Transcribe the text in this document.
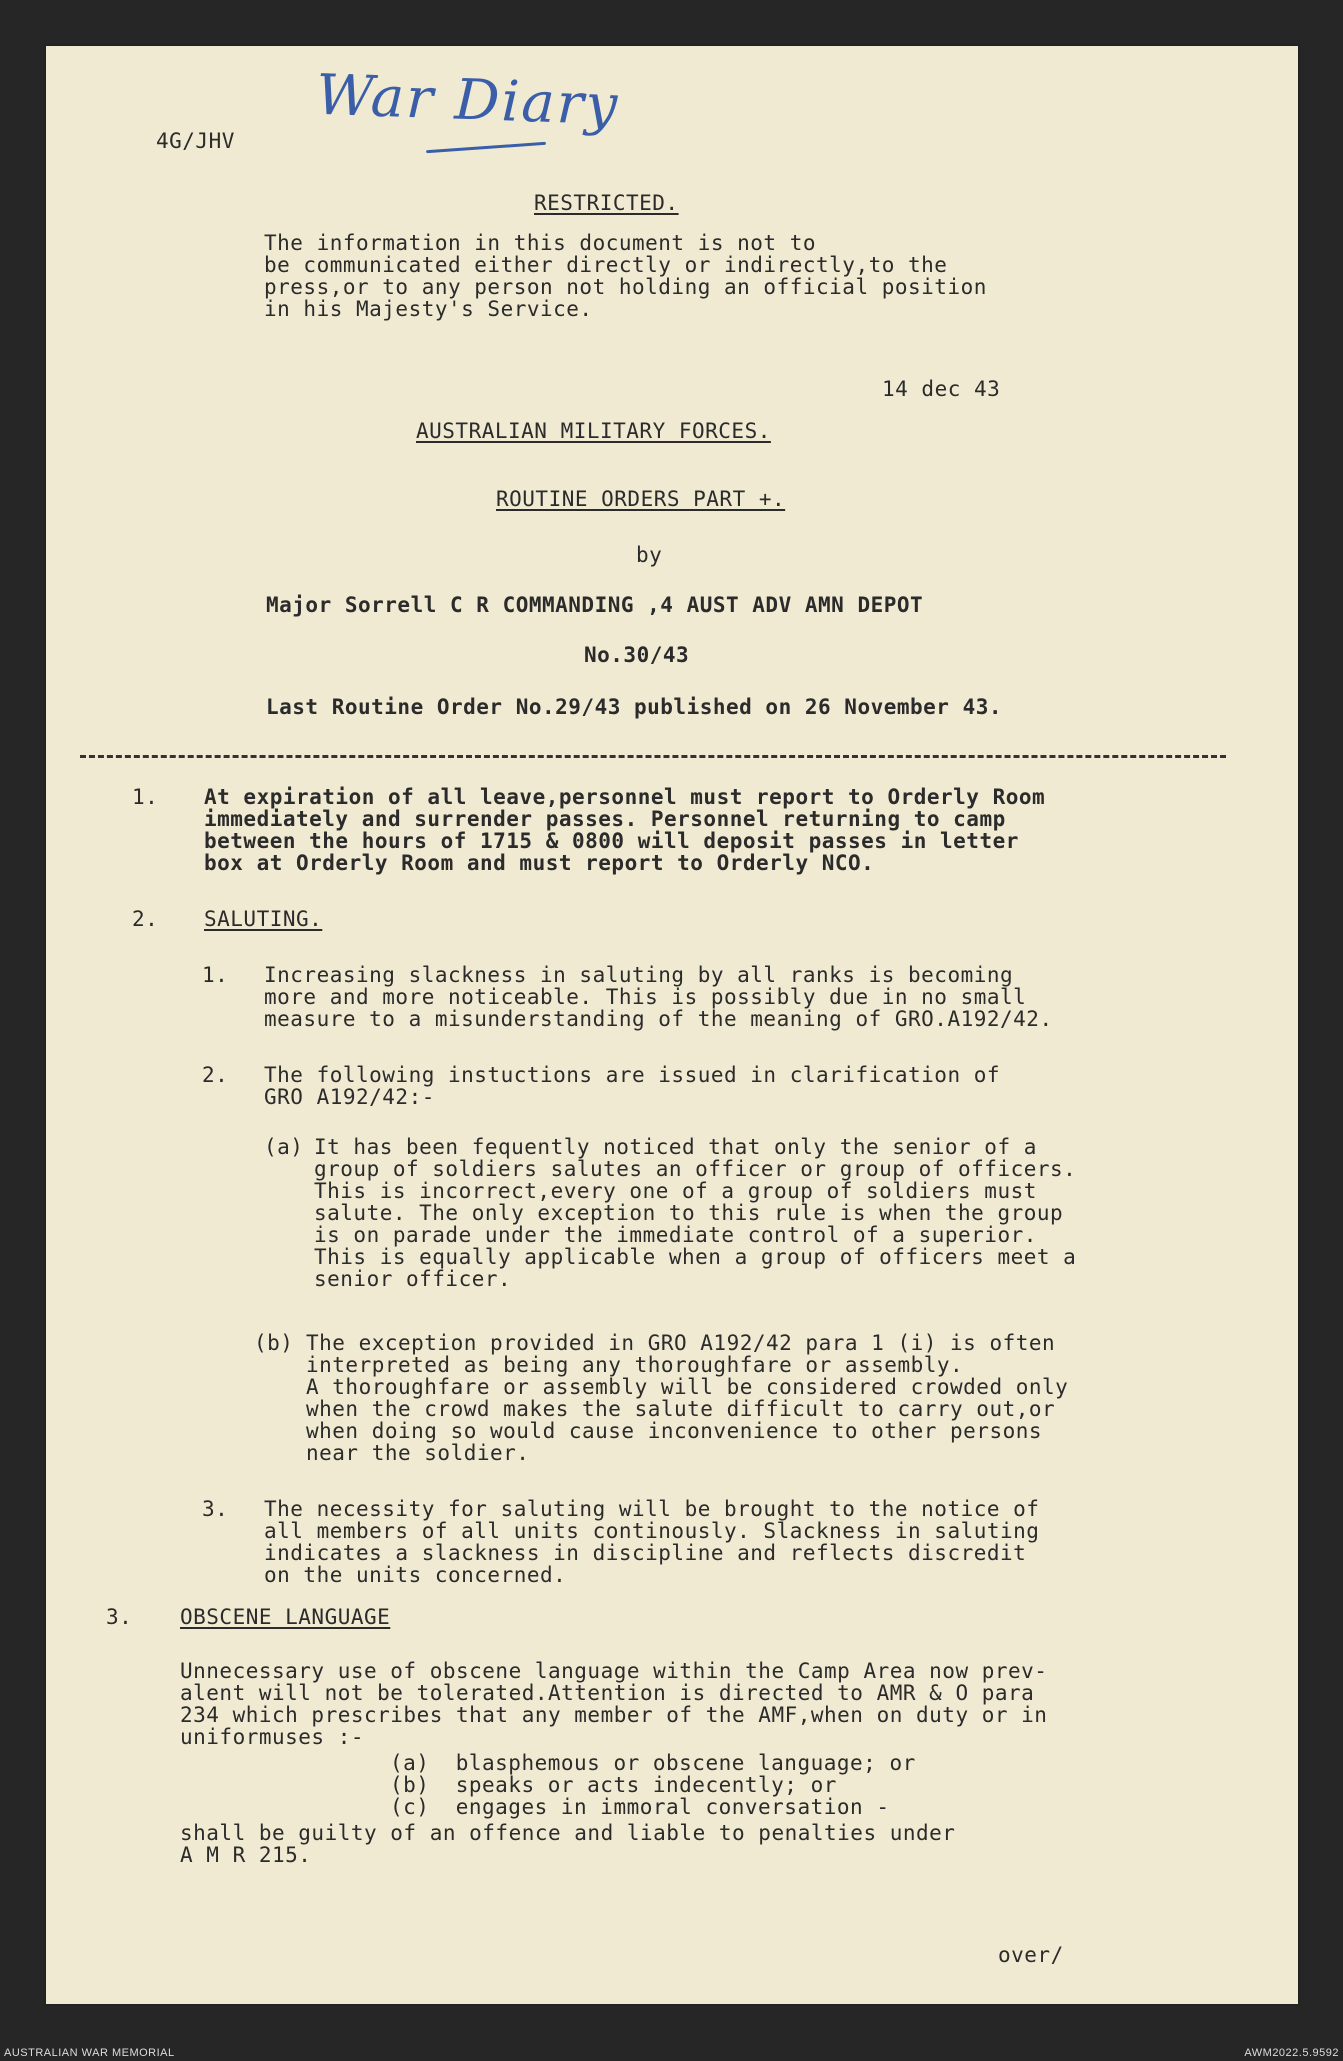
War Diary
4G/JHV
RESTRICTED.
The information in this document is not to
be communicated either directly or indirectly,to the
press,or to any person not holding an official position
in his Majesty's Service.
14 dec 43
AUSTRALIAN MILITARY FORCES.
ROUTINE ORDERS PART +.
by
Major Sorrell C R COMMANDING ,4 AUST ADV AMN DEPOT
No.30/43
Last Routine Order No.29/43 published on 26 November 43.
1. At expiration of all leave,personnel must report to Orderly Room
immediately and surrender passes. Personnel returning to camp
between the hours of 1715 & 0800 will deposit passes in letter
box at Orderly Room and must report to Orderly NCO.
2. SALUTING.
1. Increasing slackness in saluting by all ranks is becoming
more and more noticeable. This is possibly due in no small
measure to a misunderstanding of the meaning of GRO.A192/42.
2. The following instuctions are issued in clarification of
GRO A192/42:-
(a) It has been fequently noticed that only the senior of a
group of soldiers salutes an officer or group of officers.
This is incorrect,every one of a group of soldiers must
salute. The only exception to this rule is when the group
is on parade under the immediate control of a superior.
This is equally applicable when a group of officers meet a
senior officer.
(b) The exception provided in GRO A192/42 para 1 (i) is often
interpreted as being any thoroughfare or assembly.
A thoroughfare or assembly will be considered crowded only
when the crowd makes the salute difficult to carry out,or
when doing so would cause inconvenience to other persons
near the soldier.
3. The necessity for saluting will be brought to the notice of
all members of all units continously. Slackness in saluting
indicates a slackness in discipline and reflects discredit
on the units concerned.
3. OBSCENE LANGUAGE
Unnecessary use of obscene language within the Camp Area now prev-
alent will not be tolerated.Attention is directed to AMR & O para
234 which prescribes that any member of the AMF,when on duty or in
uniformuses :-
(a) blasphemous or obscene language; or
(b) speaks or acts indecently; or
(c) engages in immoral conversation -
shall be guilty of an offence and liable to penalties under
A M R 215.
over/
AUSTRALIAN WAR MEMORIAL	AWM2022.5.9592
